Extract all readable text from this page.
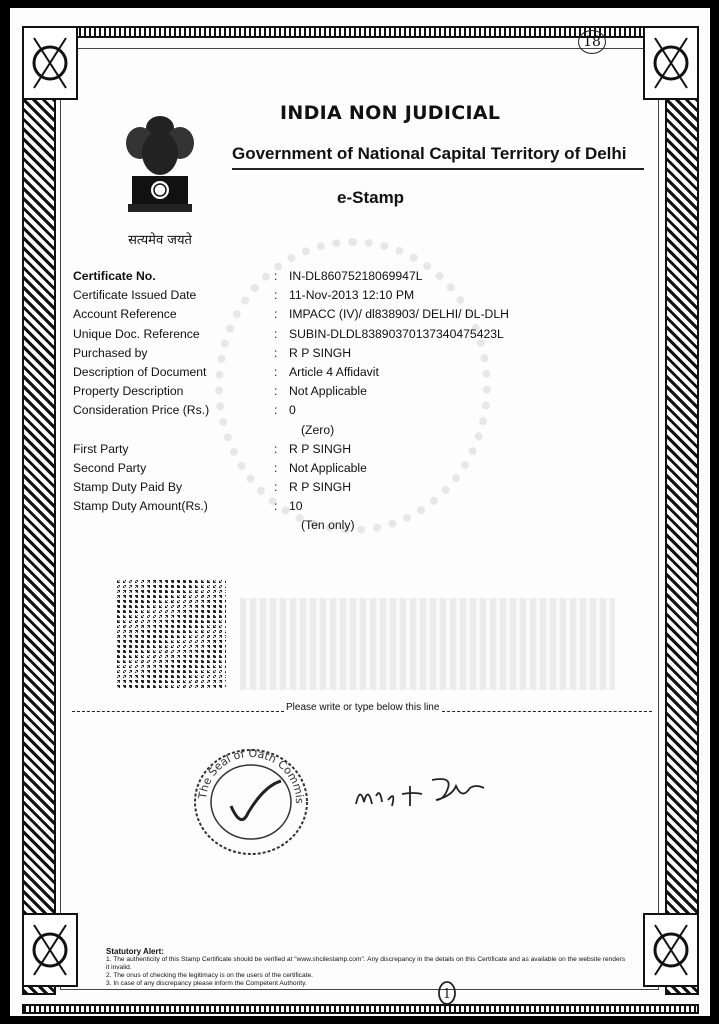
18
सत्यमेव जयते
INDIA NON JUDICIAL
Government of National Capital Territory of Delhi
e-Stamp
Certificate No.	: IN-DL86075218069947L
Certificate Issued Date	: 11-Nov-2013 12:10 PM
Account Reference	: IMPACC (IV)/ dl838903/ DELHI/ DL-DLH
Unique Doc. Reference	: SUBIN-DLDL83890370137340475423L
Purchased by	: R P SINGH
Description of Document	: Article 4 Affidavit
Property Description	: Not Applicable
Consideration Price (Rs.)	: 0
(Zero)
First Party	: R P SINGH
Second Party	: Not Applicable
Stamp Duty Paid By	: R P SINGH
Stamp Duty Amount(Rs.)	: 10
(Ten only)
Please write or type below this line
The Seal of Oath Commis
mb ut Bar
Statutory Alert:
1. The authenticity of this Stamp Certificate should be verified at "www.shcilestamp.com". Any discrepancy in the details on this Certificate and as available on the website renders it invalid.
2. The onus of checking the legitimacy is on the users of the certificate.
3. In case of any discrepancy please inform the Competent Authority.
1
